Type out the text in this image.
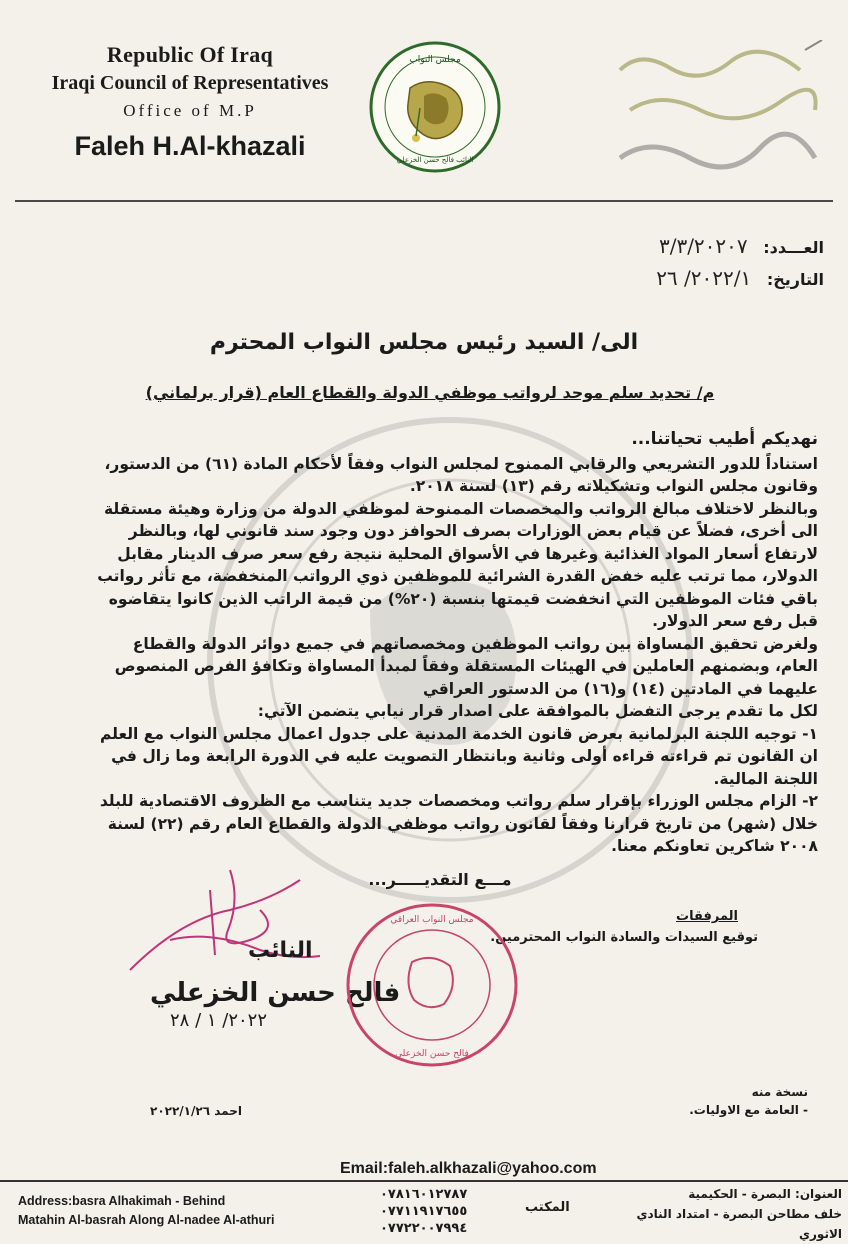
Republic Of Iraq
Iraqi Council of Representatives
Office of M.P
Faleh H.Al-khazali
مجلس النواب
النائب فالح حسن الخزعلي
العـــدد: ٣/٣/٢٠٢٠٧
التاريخ: ٢٠٢٢/١/ ٢٦
الى/ السيد رئيس مجلس النواب المحترم
م/ تحديد سلم موحد لرواتب موظفي الدولة والقطاع العام (قرار برلماني)

نهديكم أطيب تحياتنا...

استناداً للدور التشريعي والرقابي الممنوح لمجلس النواب وفقاً لأحكام المادة (٦١) من الدستور، وقانون مجلس النواب وتشكيلاته رقم (١٣) لسنة ٢٠١٨.

وبالنظر لاختلاف مبالغ الرواتب والمخصصات الممنوحة لموظفي الدولة من وزارة وهيئة مستقلة الى أخرى، فضلاً عن قيام بعض الوزارات بصرف الحوافز دون وجود سند قانوني لها، وبالنظر لارتفاع أسعار المواد الغذائية وغيرها في الأسواق المحلية نتيجة رفع سعر صرف الدينار مقابل الدولار، مما ترتب عليه خفض القدرة الشرائية للموظفين ذوي الرواتب المنخفضة، مع تأثر رواتب باقي فئات الموظفين التي انخفضت قيمتها بنسبة (٢٠%) من قيمة الراتب الذين كانوا يتقاضوه قبل رفع سعر الدولار.

ولغرض تحقيق المساواة بين رواتب الموظفين ومخصصاتهم في جميع دوائر الدولة والقطاع العام، وبضمنهم العاملين في الهيئات المستقلة وفقاً لمبدأ المساواة وتكافؤ الفرص المنصوص عليهما في المادتين (١٤) و(١٦) من الدستور العراقي

لكل ما تقدم يرجى التفضل بالموافقة على اصدار قرار نيابي يتضمن الآتي:

١- توجيه اللجنة البرلمانية بعرض قانون الخدمة المدنية على جدول اعمال مجلس النواب مع العلم ان القانون تم قراءته قراءه أولى وثانية وبانتظار التصويت عليه في الدورة الرابعة وما زال في اللجنة المالية.

٢- الزام مجلس الوزراء بإقرار سلم رواتب ومخصصات جديد يتناسب مع الظروف الاقتصادية للبلد خلال (شهر) من تاريخ قرارنا وفقاً لقانون رواتب موظفي الدولة والقطاع العام رقم (٢٢) لسنة ٢٠٠٨ شاكرين تعاونكم معنا.

مـــع التقديـــــر...
المرفقات
توقيع السيدات والسادة النواب المحترمين.
النائب
فالح حسن الخزعلي
٢٠٢٢/ ١ / ٢٨
مجلس النواب العراقي
فالح حسن الخزعلي
نسخة منه
- العامة مع الاوليات.
احمد ٢٠٢٢/١/٢٦
Email:faleh.alkhazali@yahoo.com
Address:basra Alhakimah - Behind
Matahin Al-basrah Along Al-nadee Al-athuri
٠٧٨١٦٠١٢٧٨٧
٠٧٧١١٩١٧٦٥٥
٠٧٧٢٢٠٠٧٩٩٤
المكتب
العنوان: البصرة - الحكيمية
خلف مطاحن البصرة - امتداد النادي الاثوري
